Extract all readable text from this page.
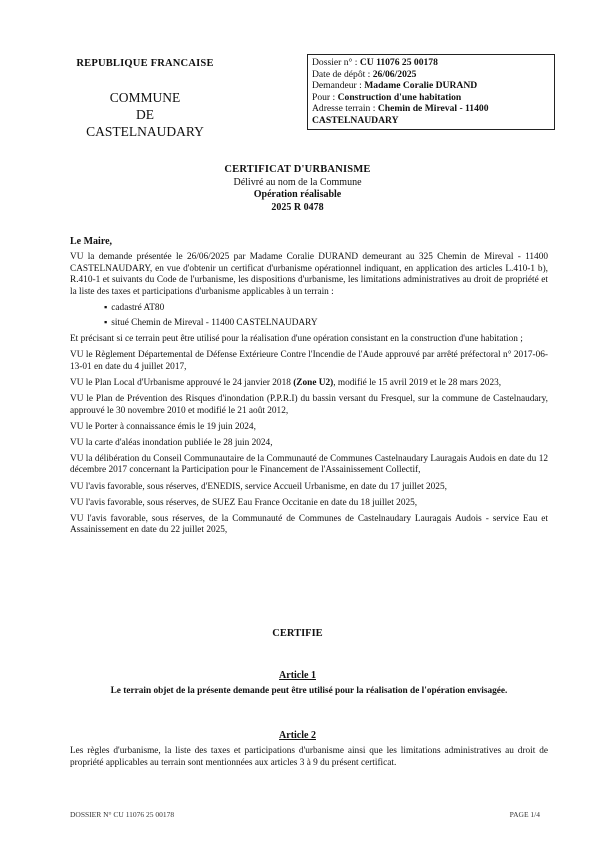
REPUBLIQUE FRANCAISE
COMMUNE
DE
CASTELNAUDARY
Dossier n° : CU 11076 25 00178
Date de dépôt : 26/06/2025
Demandeur : Madame Coralie DURAND
Pour : Construction d'une habitation
Adresse terrain : Chemin de Mireval - 11400
CASTELNAUDARY
CERTIFICAT D'URBANISME
Délivré au nom de la Commune
Opération réalisable
2025 R 0478
Le Maire,

VU la demande présentée le 26/06/2025 par Madame Coralie DURAND demeurant au 325 Chemin de Mireval - 11400 CASTELNAUDARY, en vue d'obtenir un certificat d'urbanisme opérationnel indiquant, en application des articles L.410-1 b), R.410-1 et suivants du Code de l'urbanisme, les dispositions d'urbanisme, les limitations administratives au droit de propriété et la liste des taxes et participations d'urbanisme applicables à un terrain :

▪ cadastré AT80

▪ situé Chemin de Mireval - 11400 CASTELNAUDARY

Et précisant si ce terrain peut être utilisé pour la réalisation d'une opération consistant en la construction d'une habitation ;

VU le Règlement Départemental de Défense Extérieure Contre l'Incendie de l'Aude approuvé par arrêté préfectoral n° 2017-06-13-01 en date du 4 juillet 2017,

VU le Plan Local d'Urbanisme approuvé le 24 janvier 2018 (Zone U2), modifié le 15 avril 2019 et le 28 mars 2023,

VU le Plan de Prévention des Risques d'inondation (P.P.R.I) du bassin versant du Fresquel, sur la commune de Castelnaudary, approuvé le 30 novembre 2010 et modifié le 21 août 2012,

VU le Porter à connaissance émis le 19 juin 2024,

VU la carte d'aléas inondation publiée le 28 juin 2024,

VU la délibération du Conseil Communautaire de la Communauté de Communes Castelnaudary Lauragais Audois en date du 12 décembre 2017 concernant la Participation pour le Financement de l'Assainissement Collectif,

VU l'avis favorable, sous réserves, d'ENEDIS, service Accueil Urbanisme, en date du 17 juillet 2025,

VU l'avis favorable, sous réserves, de SUEZ Eau France Occitanie en date du 18 juillet 2025,

VU l'avis favorable, sous réserves, de la Communauté de Communes de Castelnaudary Lauragais Audois - service Eau et Assainissement en date du 22 juillet 2025,

CERTIFIE
Article 1
Le terrain objet de la présente demande peut être utilisé pour la réalisation de l'opération envisagée.
Article 2
Les règles d'urbanisme, la liste des taxes et participations d'urbanisme ainsi que les limitations administratives au droit de propriété applicables au terrain sont mentionnées aux articles 3 à 9 du présent certificat.
DOSSIER N° CU 11076 25 00178	PAGE 1/4
